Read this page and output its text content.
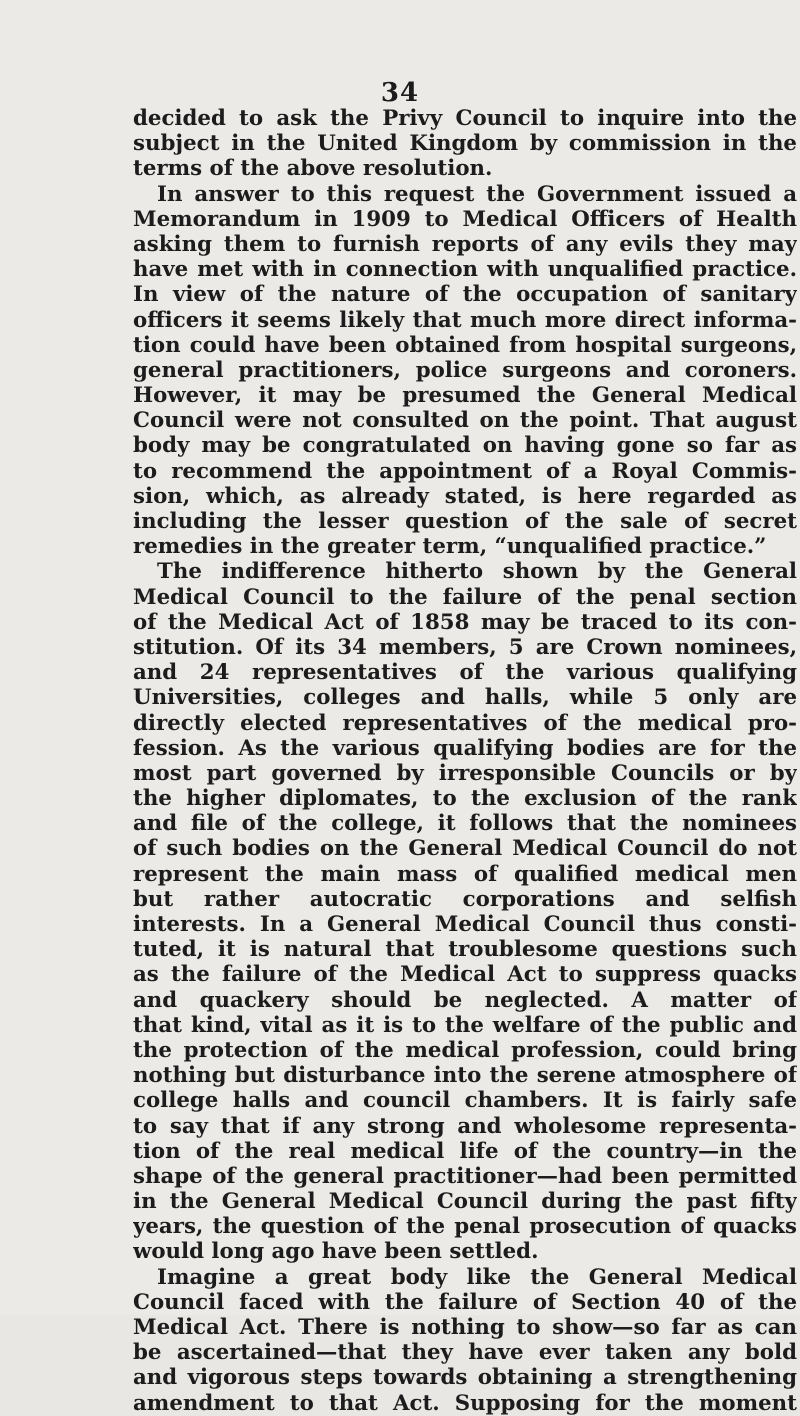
34
decided to ask the Privy Council to inquire into the
subject in the United Kingdom by commission in the
terms of the above resolution.
In answer to this request the Government issued a
Memorandum in 1909 to Medical Officers of Health
asking them to furnish reports of any evils they may
have met with in connection with unqualified practice.
In view of the nature of the occupation of sanitary
officers it seems likely that much more direct informa-
tion could have been obtained from hospital surgeons,
general practitioners, police surgeons and coroners.
However, it may be presumed the General Medical
Council were not consulted on the point. That august
body may be congratulated on having gone so far as
to recommend the appointment of a Royal Commis-
sion, which, as already stated, is here regarded as
including the lesser question of the sale of secret
remedies in the greater term, “unqualified practice.”
The indifference hitherto shown by the General
Medical Council to the failure of the penal section
of the Medical Act of 1858 may be traced to its con-
stitution. Of its 34 members, 5 are Crown nominees,
and 24 representatives of the various qualifying
Universities, colleges and halls, while 5 only are
directly elected representatives of the medical pro-
fession. As the various qualifying bodies are for the
most part governed by irresponsible Councils or by
the higher diplomates, to the exclusion of the rank
and file of the college, it follows that the nominees
of such bodies on the General Medical Council do not
represent the main mass of qualified medical men
but rather autocratic corporations and selfish
interests. In a General Medical Council thus consti-
tuted, it is natural that troublesome questions such
as the failure of the Medical Act to suppress quacks
and quackery should be neglected. A matter of
that kind, vital as it is to the welfare of the public and
the protection of the medical profession, could bring
nothing but disturbance into the serene atmosphere of
college halls and council chambers. It is fairly safe
to say that if any strong and wholesome representa-
tion of the real medical life of the country—in the
shape of the general practitioner—had been permitted
in the General Medical Council during the past fifty
years, the question of the penal prosecution of quacks
would long ago have been settled.
Imagine a great body like the General Medical
Council faced with the failure of Section 40 of the
Medical Act. There is nothing to show—so far as can
be ascertained—that they have ever taken any bold
and vigorous steps towards obtaining a strengthening
amendment to that Act. Supposing for the moment
